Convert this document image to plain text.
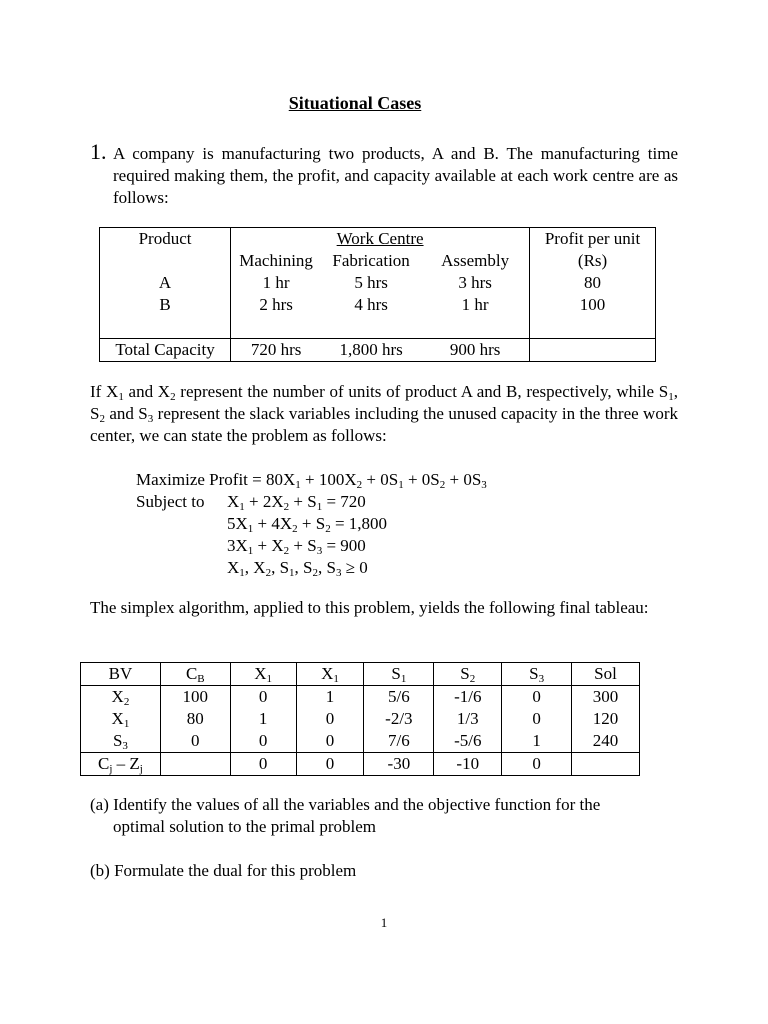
Situational Cases
1. A company is manufacturing two products, A and B. The manufacturing time required making them, the profit, and capacity available at each work centre are as follows:
Product	Work Centre	Profit per unit

	Machining Fabrication Assembly	(Rs)
A	1 hr 5 hrs 3 hrs	80
B	2 hrs 4 hrs 1 hr	100
Total Capacity	720 hrs 1,800 hrs 900 hrs	

If $X_1$ and $X_2$ represent the number of units of product A and B, respectively, while $S_1$, $S_2$ and $S_3$ represent the slack variables including the unused capacity in the three work center, we can state the problem as follows:
Maximize Profit = $80X_1 + 100X_2 + 0S_1 + 0S_2 + 0S_3$
Subject to $X_1 + 2X_2 + S_1 = 720$
$5X_1 + 4X_2 + S_2 = 1,800$
$3X_1 + X_2 + S_3 = 900$
$X_1$, $X_2$, $S_1$, $S_2$, $S_3 \ge 0$
The simplex algorithm, applied to this problem, yields the following final tableau:
BV	$C_B$	$X_1$	$X_1$	$S_1$	$S_2$	$S_3$	Sol
$X_2$	100	0	1	5/6	-1/6	0	300
$X_1$	80	1	0	-2/3	1/3	0	120
$S_3$	0	0	0	7/6	-5/6	1	240
$C_j - Z_j$		0	0	-30	-10	0	
(a) Identify the values of all the variables and the objective function for the
optimal solution to the primal problem
(b) Formulate the dual for this problem
1
